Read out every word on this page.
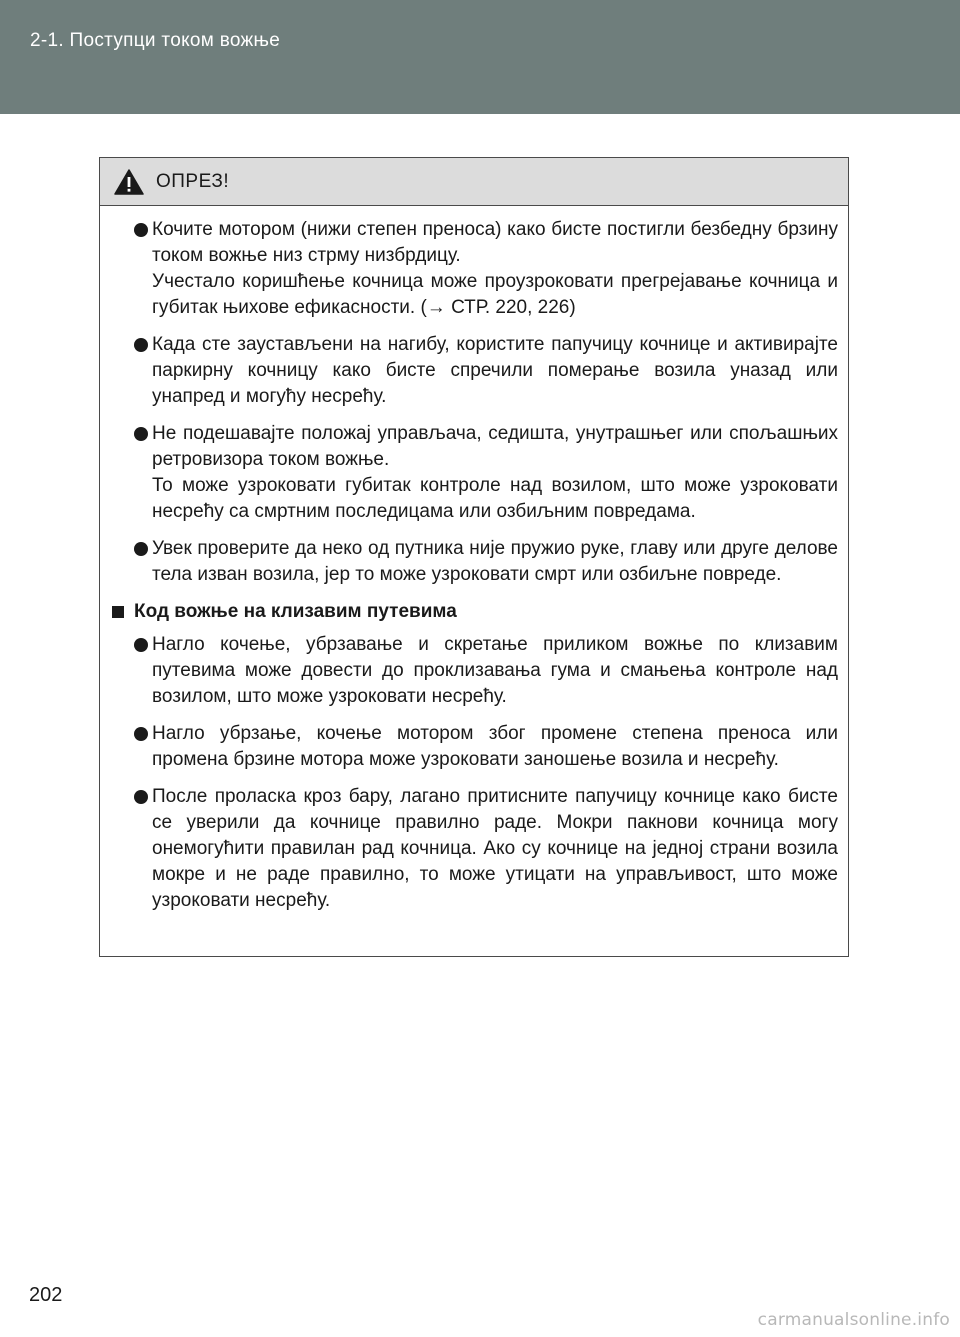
2-1. Поступци током вожње
ОПРЕЗ!

Кочите мотором (нижи степен преноса) како бисте постигли безбедну брзину током вожње низ стрму низбрдицу.

Учестало коришћење кочница може проузроковати прегрејавање кочница и губитак њихове ефикасности. (→ СТР. 220, 226)

Када сте заустављени на нагибу, користите папучицу кочнице и активирајте паркирну кочницу како бисте спречили померање возила уназад или унапред и могућу несрећу.

Не подешавајте положај управљача, седишта, унутрашњег или спољашњих ретровизора током вожње.

То може узроковати губитак контроле над возилом, што може узроковати несрећу са смртним последицама или озбиљним повредама.

Увек проверите да неко од путника није пружио руке, главу или друге делове тела изван возила, јер то може узроковати смрт или озбиљне повреде.

Код вожње на клизавим путевима

Нагло кочење, убрзавање и скретање приликом вожње по клизавим путевима може довести до проклизавања гума и смањења контроле над возилом, што може узроковати несрећу.

Нагло убрзање, кочење мотором због промене степена преноса или промена брзине мотора може узроковати заношење возила и несрећу.

После проласка кроз бару, лагано притисните папучицу кочнице како бисте се уверили да кочнице правилно раде. Мокри пакнови кочница могу онемогућити правилан рад кочница. Ако су кочнице на једној страни возила мокре и не раде правилно, то може утицати на управљивост, што може узроковати несрећу.

202
carmanualsonline.info
